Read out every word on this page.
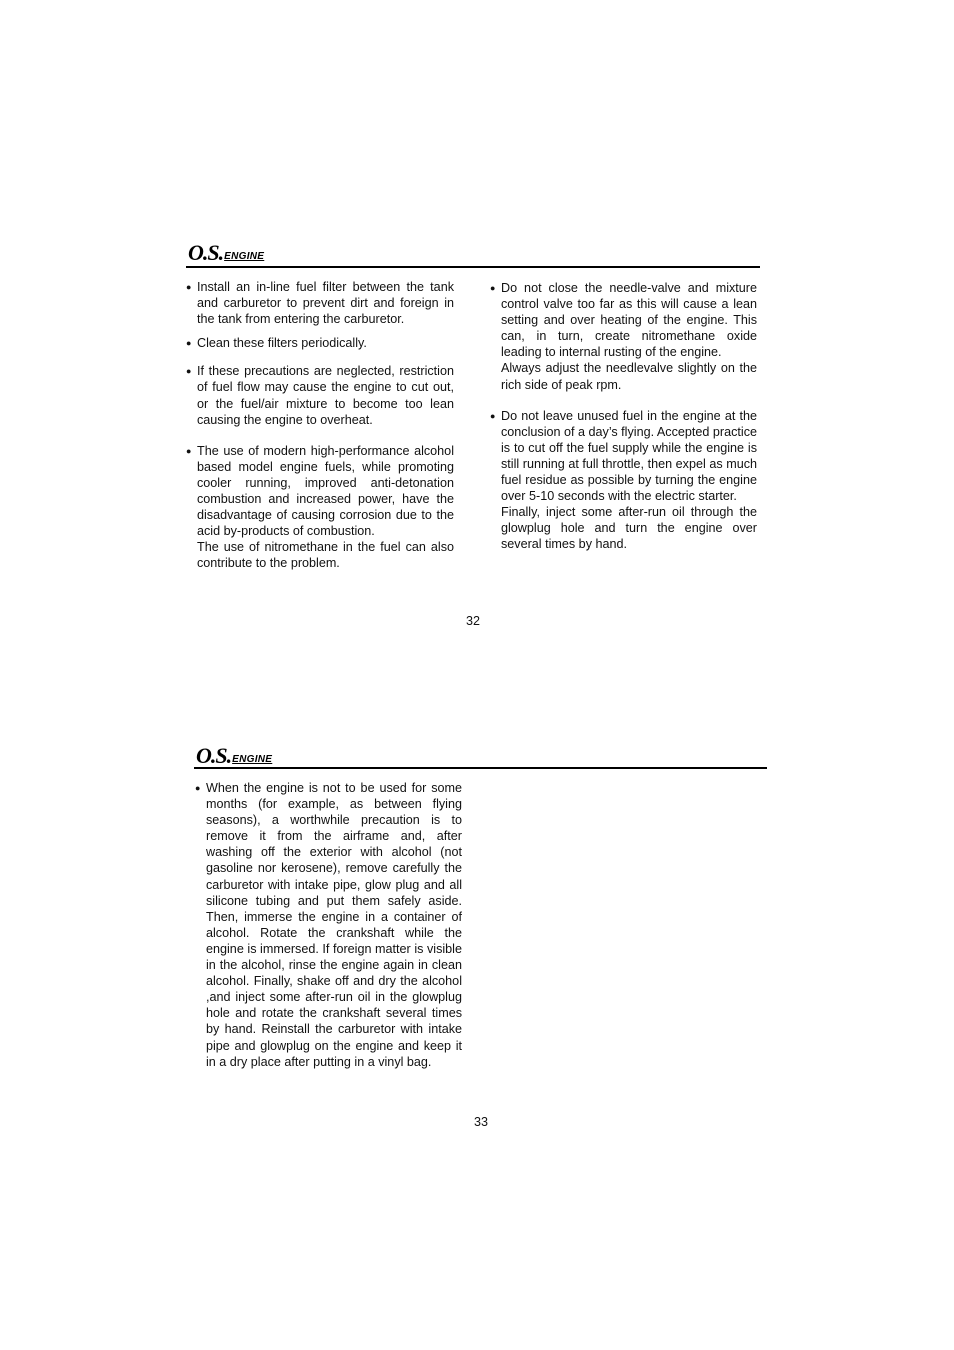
O.S. ENGINE
● Install an in-line fuel filter between the tank and carburetor to prevent dirt and foreign in the tank from entering the carburetor.

● Clean these filters periodically.

● If these precautions are neglected, restriction of fuel flow may cause the engine to cut out, or the fuel/air mixture to become too lean causing the engine to overheat.

● The use of modern high-performance alcohol based model engine fuels, while promoting cooler running, improved anti-detonation combustion and increased power, have the disadvantage of causing corrosion due to the acid by-products of combustion.

The use of nitromethane in the fuel can also contribute to the problem.

● Do not close the needle-valve and mixture control valve too far as this will cause a lean setting and over heating of the engine. This can, in turn, create nitromethane oxide leading to internal rusting of the engine.

Always adjust the needlevalve slightly on the rich side of peak rpm.

● Do not leave unused fuel in the engine at the conclusion of a day’s flying. Accepted practice is to cut off the fuel supply while the engine is still running at full throttle, then expel as much fuel residue as possible by turning the engine over 5-10 seconds with the electric starter.

Finally, inject some after-run oil through the glowplug hole and turn the engine over several times by hand.

32
O.S. ENGINE
● When the engine is not to be used for some months (for example, as between flying seasons), a worthwhile precaution is to remove it from the airframe and, after washing off the exterior with alcohol (not gasoline nor kerosene), remove carefully the carburetor with intake pipe, glow plug and all silicone tubing and put them safely aside. Then, immerse the engine in a container of alcohol. Rotate the crankshaft while the engine is immersed. If foreign matter is visible in the alcohol, rinse the engine again in clean alcohol. Finally, shake off and dry the alcohol ,and inject some after-run oil in the glowplug hole and rotate the crankshaft several times by hand. Reinstall the carburetor with intake pipe and glowplug on the engine and keep it in a dry place after putting in a vinyl bag.

33
